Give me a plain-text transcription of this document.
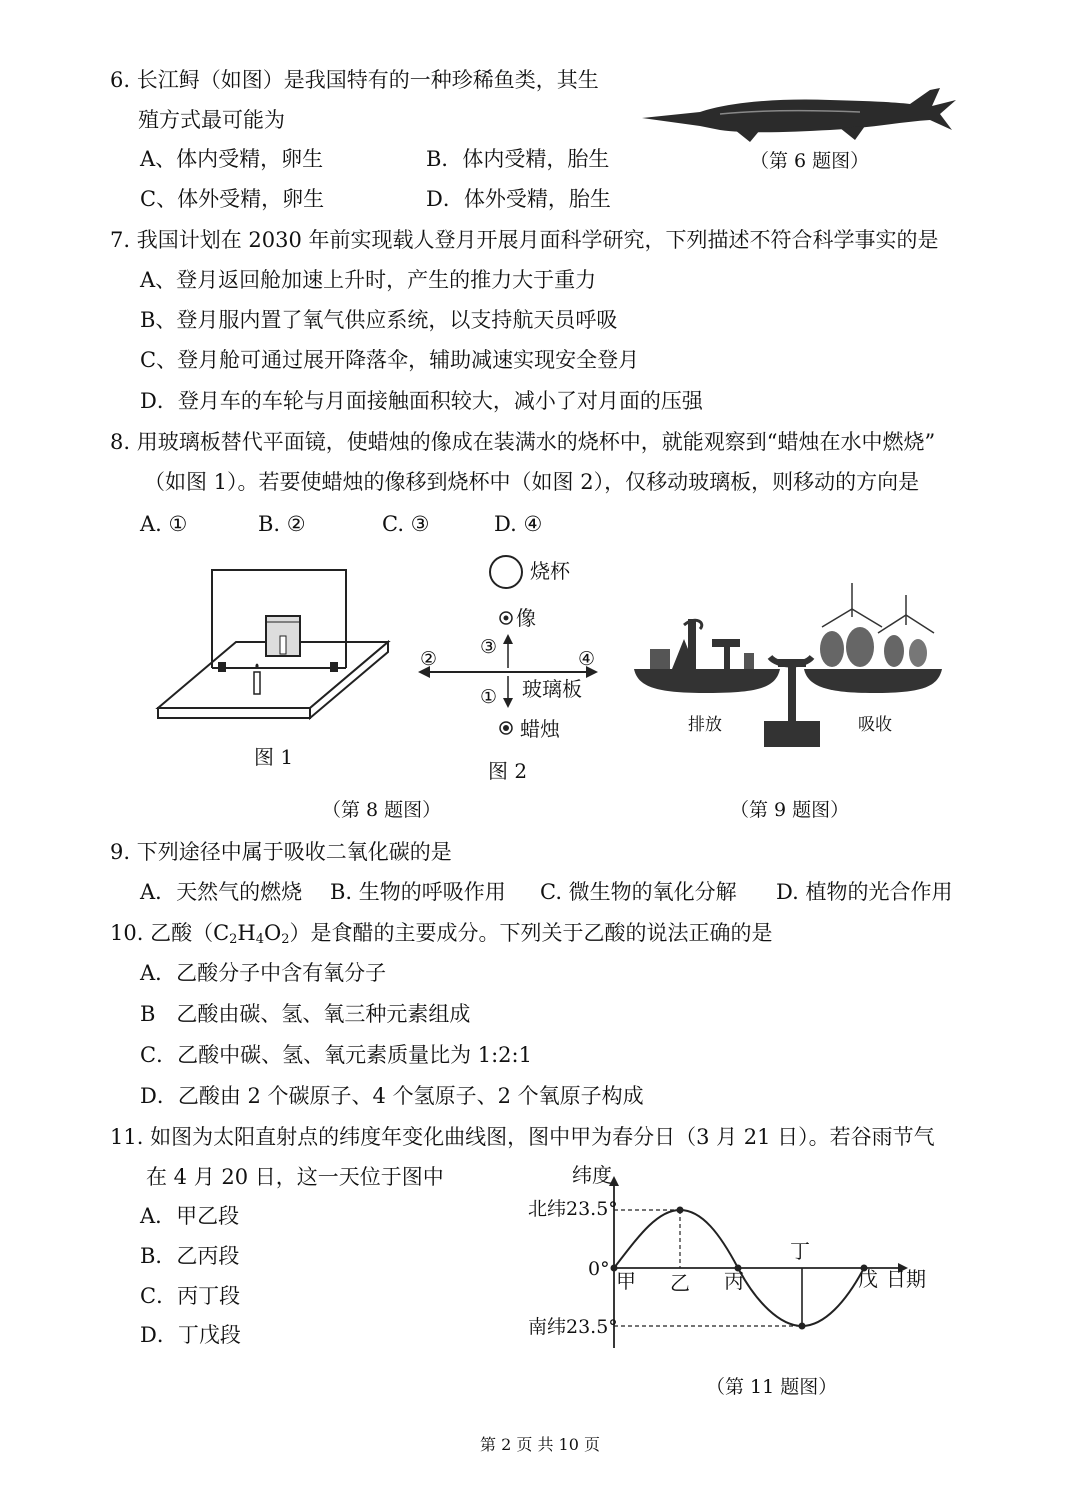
6. 长江鲟（如图）是我国特有的一种珍稀鱼类，其生
殖方式最可能为
A、体内受精，卵生	B．体内受精，胎生
C、体外受精，卵生	D．体外受精，胎生
（第 6 题图）
7. 我国计划在 2030 年前实现载人登月开展月面科学研究，下列描述不符合科学事实的是
A、登月返回舱加速上升时，产生的推力大于重力
B、登月服内置了氧气供应系统，以支持航天员呼吸
C、登月舱可通过展开降落伞，辅助减速实现安全登月
D．登月车的车轮与月面接触面积较大，减小了对月面的压强
8. 用玻璃板替代平面镜，使蜡烛的像成在装满水的烧杯中，就能观察到“蜡烛在水中燃烧”
（如图 1）。若要使蜡烛的像移到烧杯中（如图 2），仅移动玻璃板，则移动的方向是
A. ①	B. ②	C. ③	D. ④
图 1
烧杯
像
③
②	④
① 玻璃板
蜡烛
图 2
（第 8 题图）
排放	吸收
（第 9 题图）
9. 下列途径中属于吸收二氧化碳的是
A．天然气的燃烧 B. 生物的呼吸作用 C. 微生物的氧化分解 D. 植物的光合作用
10. 乙酸$(C_2H_4O_2)$是食醋的主要成分。下列关于乙酸的说法正确的是
A．乙酸分子中含有氧分子
B　乙酸由碳、氢、氧三种元素组成
C．乙酸中碳、氢、氧元素质量比为 1:2:1
D．乙酸由 2 个碳原子、4 个氢原子、2 个氧原子构成
11. 如图为太阳直射点的纬度年变化曲线图，图中甲为春分日（3 月 21 日）。若谷雨节气
在 4 月 20 日，这一天位于图中
A．甲乙段
B．乙丙段
C．丙丁段
D．丁戊段
纬度
北纬23.5°
0°
南纬23.5°
甲 乙 丙
丁
戊 日期
（第 11 题图）
第 2 页 共 10 页
